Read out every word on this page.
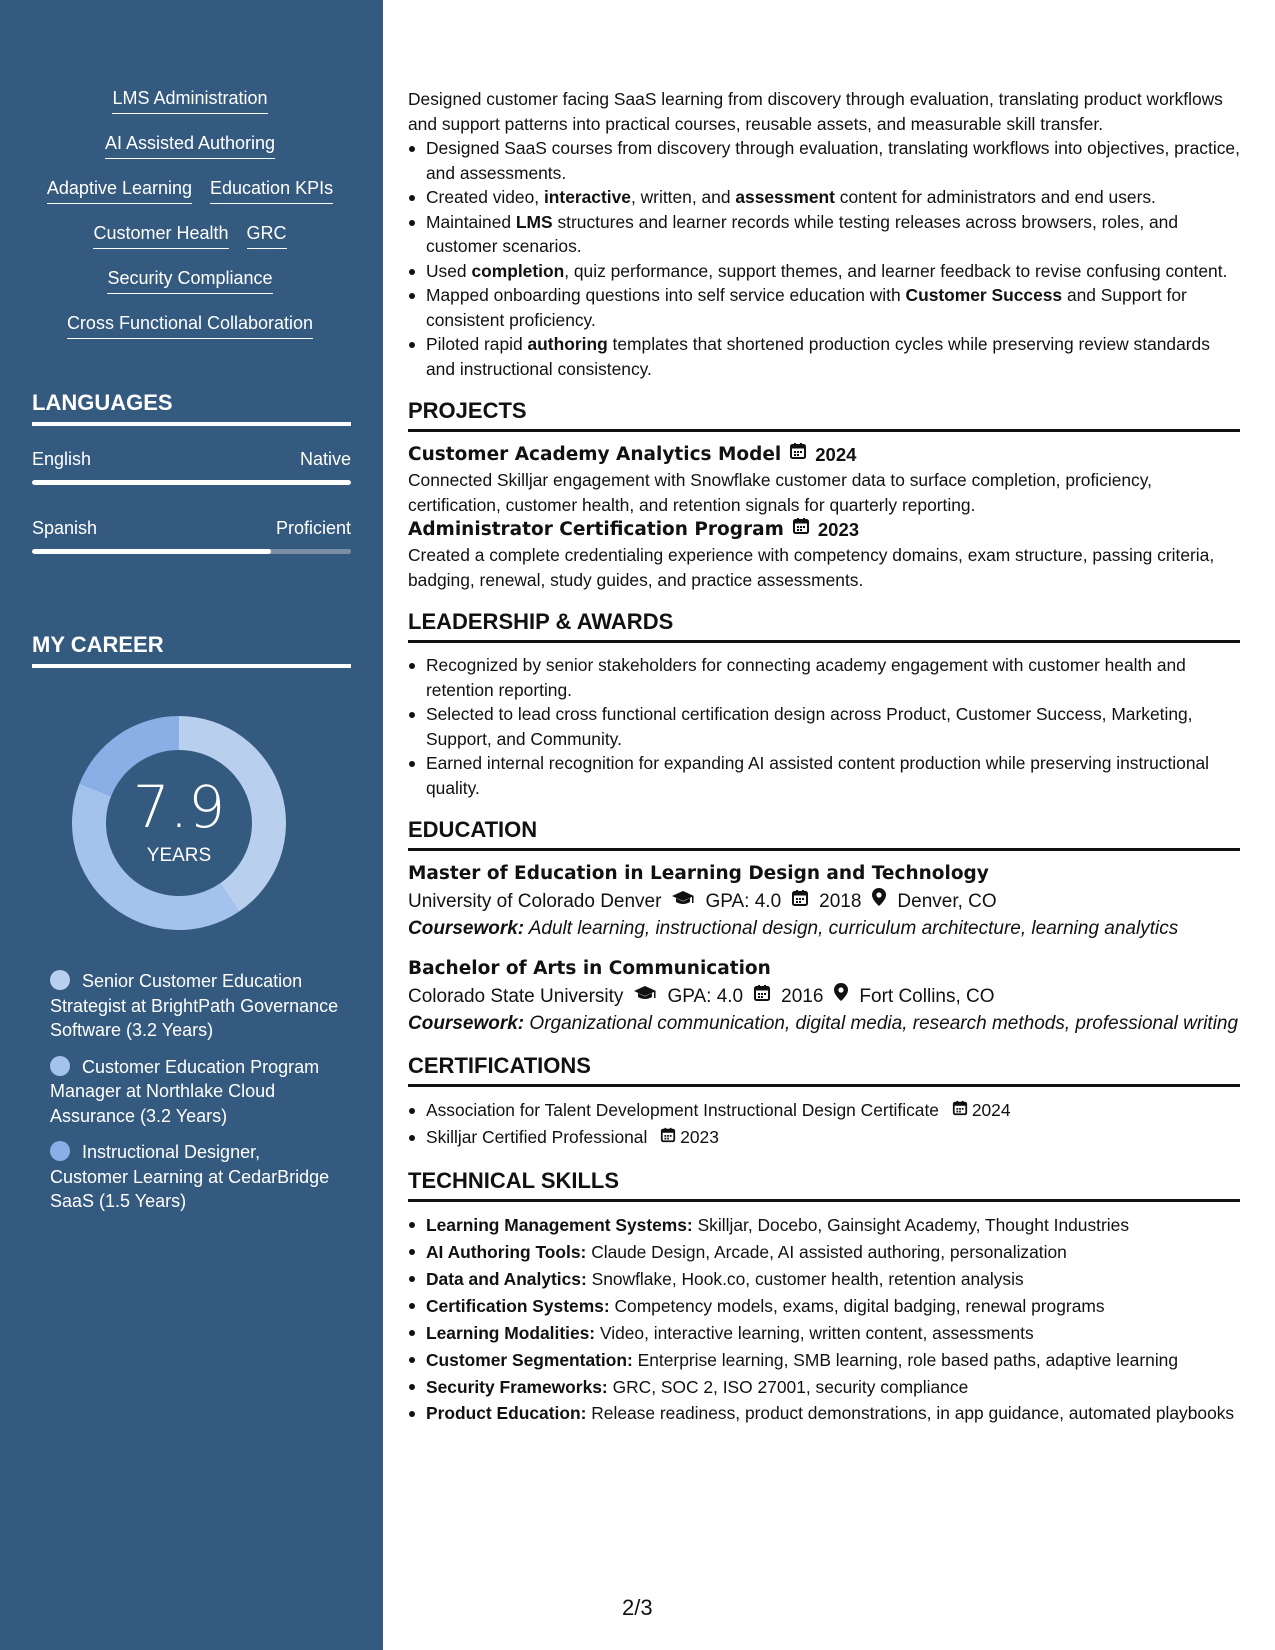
LMS Administration
AI Assisted Authoring
Adaptive Learning Education KPIs
Customer Health GRC
Security Compliance
Cross Functional Collaboration
LANGUAGES
English	Native
Spanish	Proficient
MY CAREER
7.9
YEARS
Senior Customer Education Strategist at BrightPath Governance Software (3.2 Years)
Customer Education Program Manager at Northlake Cloud Assurance (3.2 Years)
Instructional Designer, Customer Learning at CedarBridge SaaS (1.5 Years)

Designed customer facing SaaS learning from discovery through evaluation, translating product workflows and support patterns into practical courses, reusable assets, and measurable skill transfer.

Designed SaaS courses from discovery through evaluation, translating workflows into objectives, practice, and assessments.
Created video, interactive, written, and assessment content for administrators and end users.
Maintained LMS structures and learner records while testing releases across browsers, roles, and customer scenarios.
Used completion, quiz performance, support themes, and learner feedback to revise confusing content.
Mapped onboarding questions into self service education with Customer Success and Support for consistent proficiency.
Piloted rapid authoring templates that shortened production cycles while preserving review standards and instructional consistency.
PROJECTS
Customer Academy Analytics Model 2024

Connected Skilljar engagement with Snowflake customer data to surface completion, proficiency, certification, customer health, and retention signals for quarterly reporting.

Administrator Certification Program 2023

Created a complete credentialing experience with competency domains, exam structure, passing criteria, badging, renewal, study guides, and practice assessments.

LEADERSHIP & AWARDS
Recognized by senior stakeholders for connecting academy engagement with customer health and retention reporting.
Selected to lead cross functional certification design across Product, Customer Success, Marketing, Support, and Community.
Earned internal recognition for expanding AI assisted content production while preserving instructional quality.
EDUCATION
Master of Education in Learning Design and Technology
University of Colorado Denver GPA: 4.0 2018 Denver, CO

Coursework: Adult learning, instructional design, curriculum architecture, learning analytics

Bachelor of Arts in Communication
Colorado State University GPA: 4.0 2016 Fort Collins, CO

Coursework: Organizational communication, digital media, research methods, professional writing

CERTIFICATIONS
Association for Talent Development Instructional Design Certificate 2024
Skilljar Certified Professional 2023
TECHNICAL SKILLS
Learning Management Systems: Skilljar, Docebo, Gainsight Academy, Thought Industries
AI Authoring Tools: Claude Design, Arcade, AI assisted authoring, personalization
Data and Analytics: Snowflake, Hook.co, customer health, retention analysis
Certification Systems: Competency models, exams, digital badging, renewal programs
Learning Modalities: Video, interactive learning, written content, assessments
Customer Segmentation: Enterprise learning, SMB learning, role based paths, adaptive learning
Security Frameworks: GRC, SOC 2, ISO 27001, security compliance
Product Education: Release readiness, product demonstrations, in app guidance, automated playbooks
2/3
